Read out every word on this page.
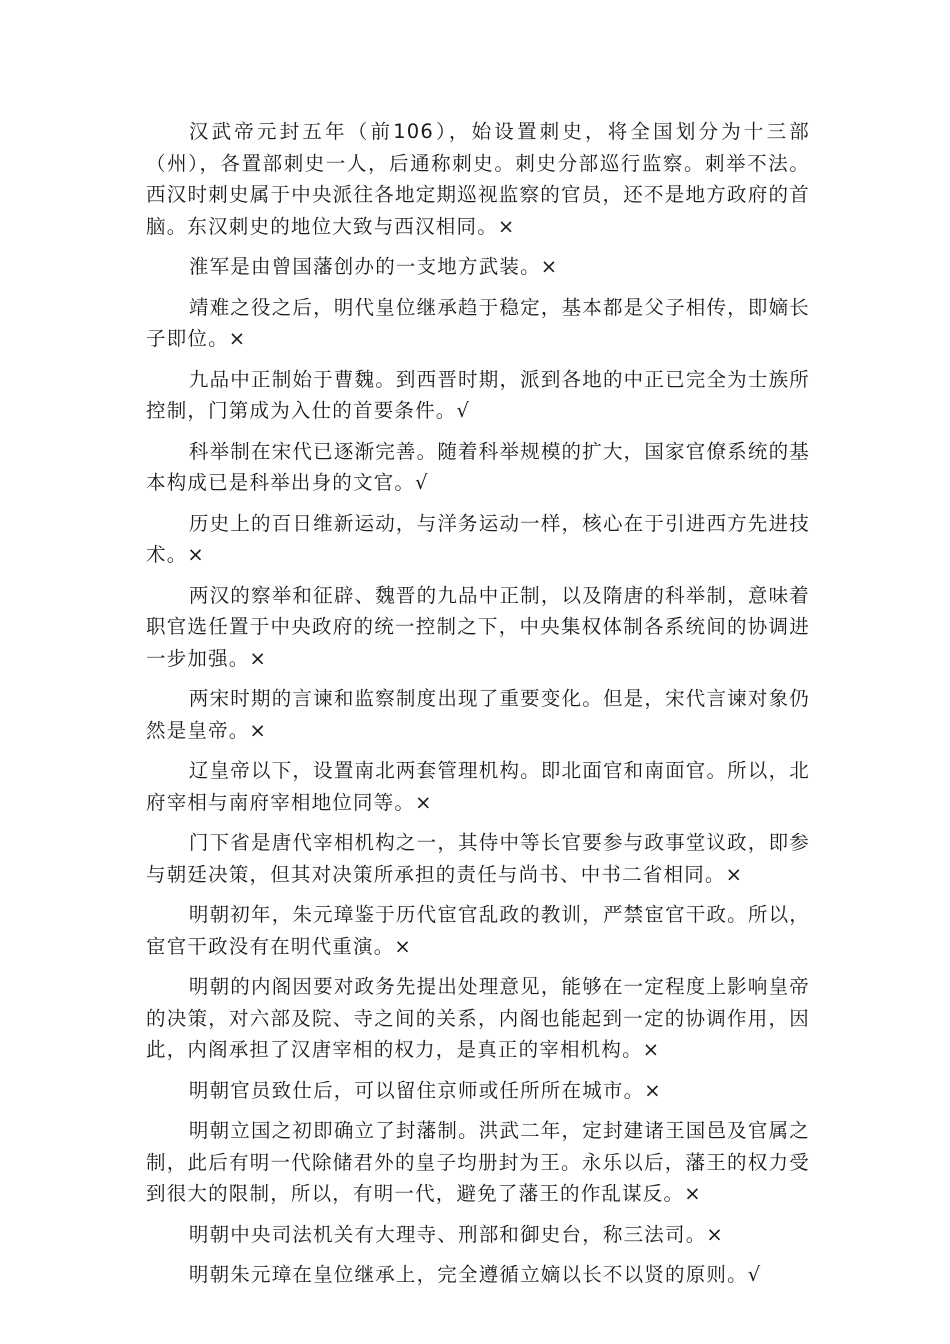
汉武帝元封五年（前106），始设置刺史，将全国划分为十三部（州），各置部刺史一人，后通称刺史。刺史分部巡行监察。刺举不法。西汉时刺史属于中央派往各地定期巡视监察的官员，还不是地方政府的首脑。东汉刺史的地位大致与西汉相同。×

淮军是由曾国藩创办的一支地方武装。×

靖难之役之后，明代皇位继承趋于稳定，基本都是父子相传，即嫡长子即位。×

九品中正制始于曹魏。到西晋时期，派到各地的中正已完全为士族所控制，门第成为入仕的首要条件。√

科举制在宋代已逐渐完善。随着科举规模的扩大，国家官僚系统的基本构成已是科举出身的文官。√

历史上的百日维新运动，与洋务运动一样，核心在于引进西方先进技术。×

两汉的察举和征辟、魏晋的九品中正制，以及隋唐的科举制，意味着职官选任置于中央政府的统一控制之下，中央集权体制各系统间的协调进一步加强。×

两宋时期的言谏和监察制度出现了重要变化。但是，宋代言谏对象仍然是皇帝。×

辽皇帝以下，设置南北两套管理机构。即北面官和南面官。所以，北府宰相与南府宰相地位同等。×

门下省是唐代宰相机构之一，其侍中等长官要参与政事堂议政，即参与朝廷决策，但其对决策所承担的责任与尚书、中书二省相同。×

明朝初年，朱元璋鉴于历代宦官乱政的教训，严禁宦官干政。所以，宦官干政没有在明代重演。×

明朝的内阁因要对政务先提出处理意见，能够在一定程度上影响皇帝的决策，对六部及院、寺之间的关系，内阁也能起到一定的协调作用，因此，内阁承担了汉唐宰相的权力，是真正的宰相机构。×

明朝官员致仕后，可以留住京师或任所所在城市。×

明朝立国之初即确立了封藩制。洪武二年，定封建诸王国邑及官属之制，此后有明一代除储君外的皇子均册封为王。永乐以后，藩王的权力受到很大的限制，所以，有明一代，避免了藩王的作乱谋反。×

明朝中央司法机关有大理寺、刑部和御史台，称三法司。×

明朝朱元璋在皇位继承上，完全遵循立嫡以长不以贤的原则。√
